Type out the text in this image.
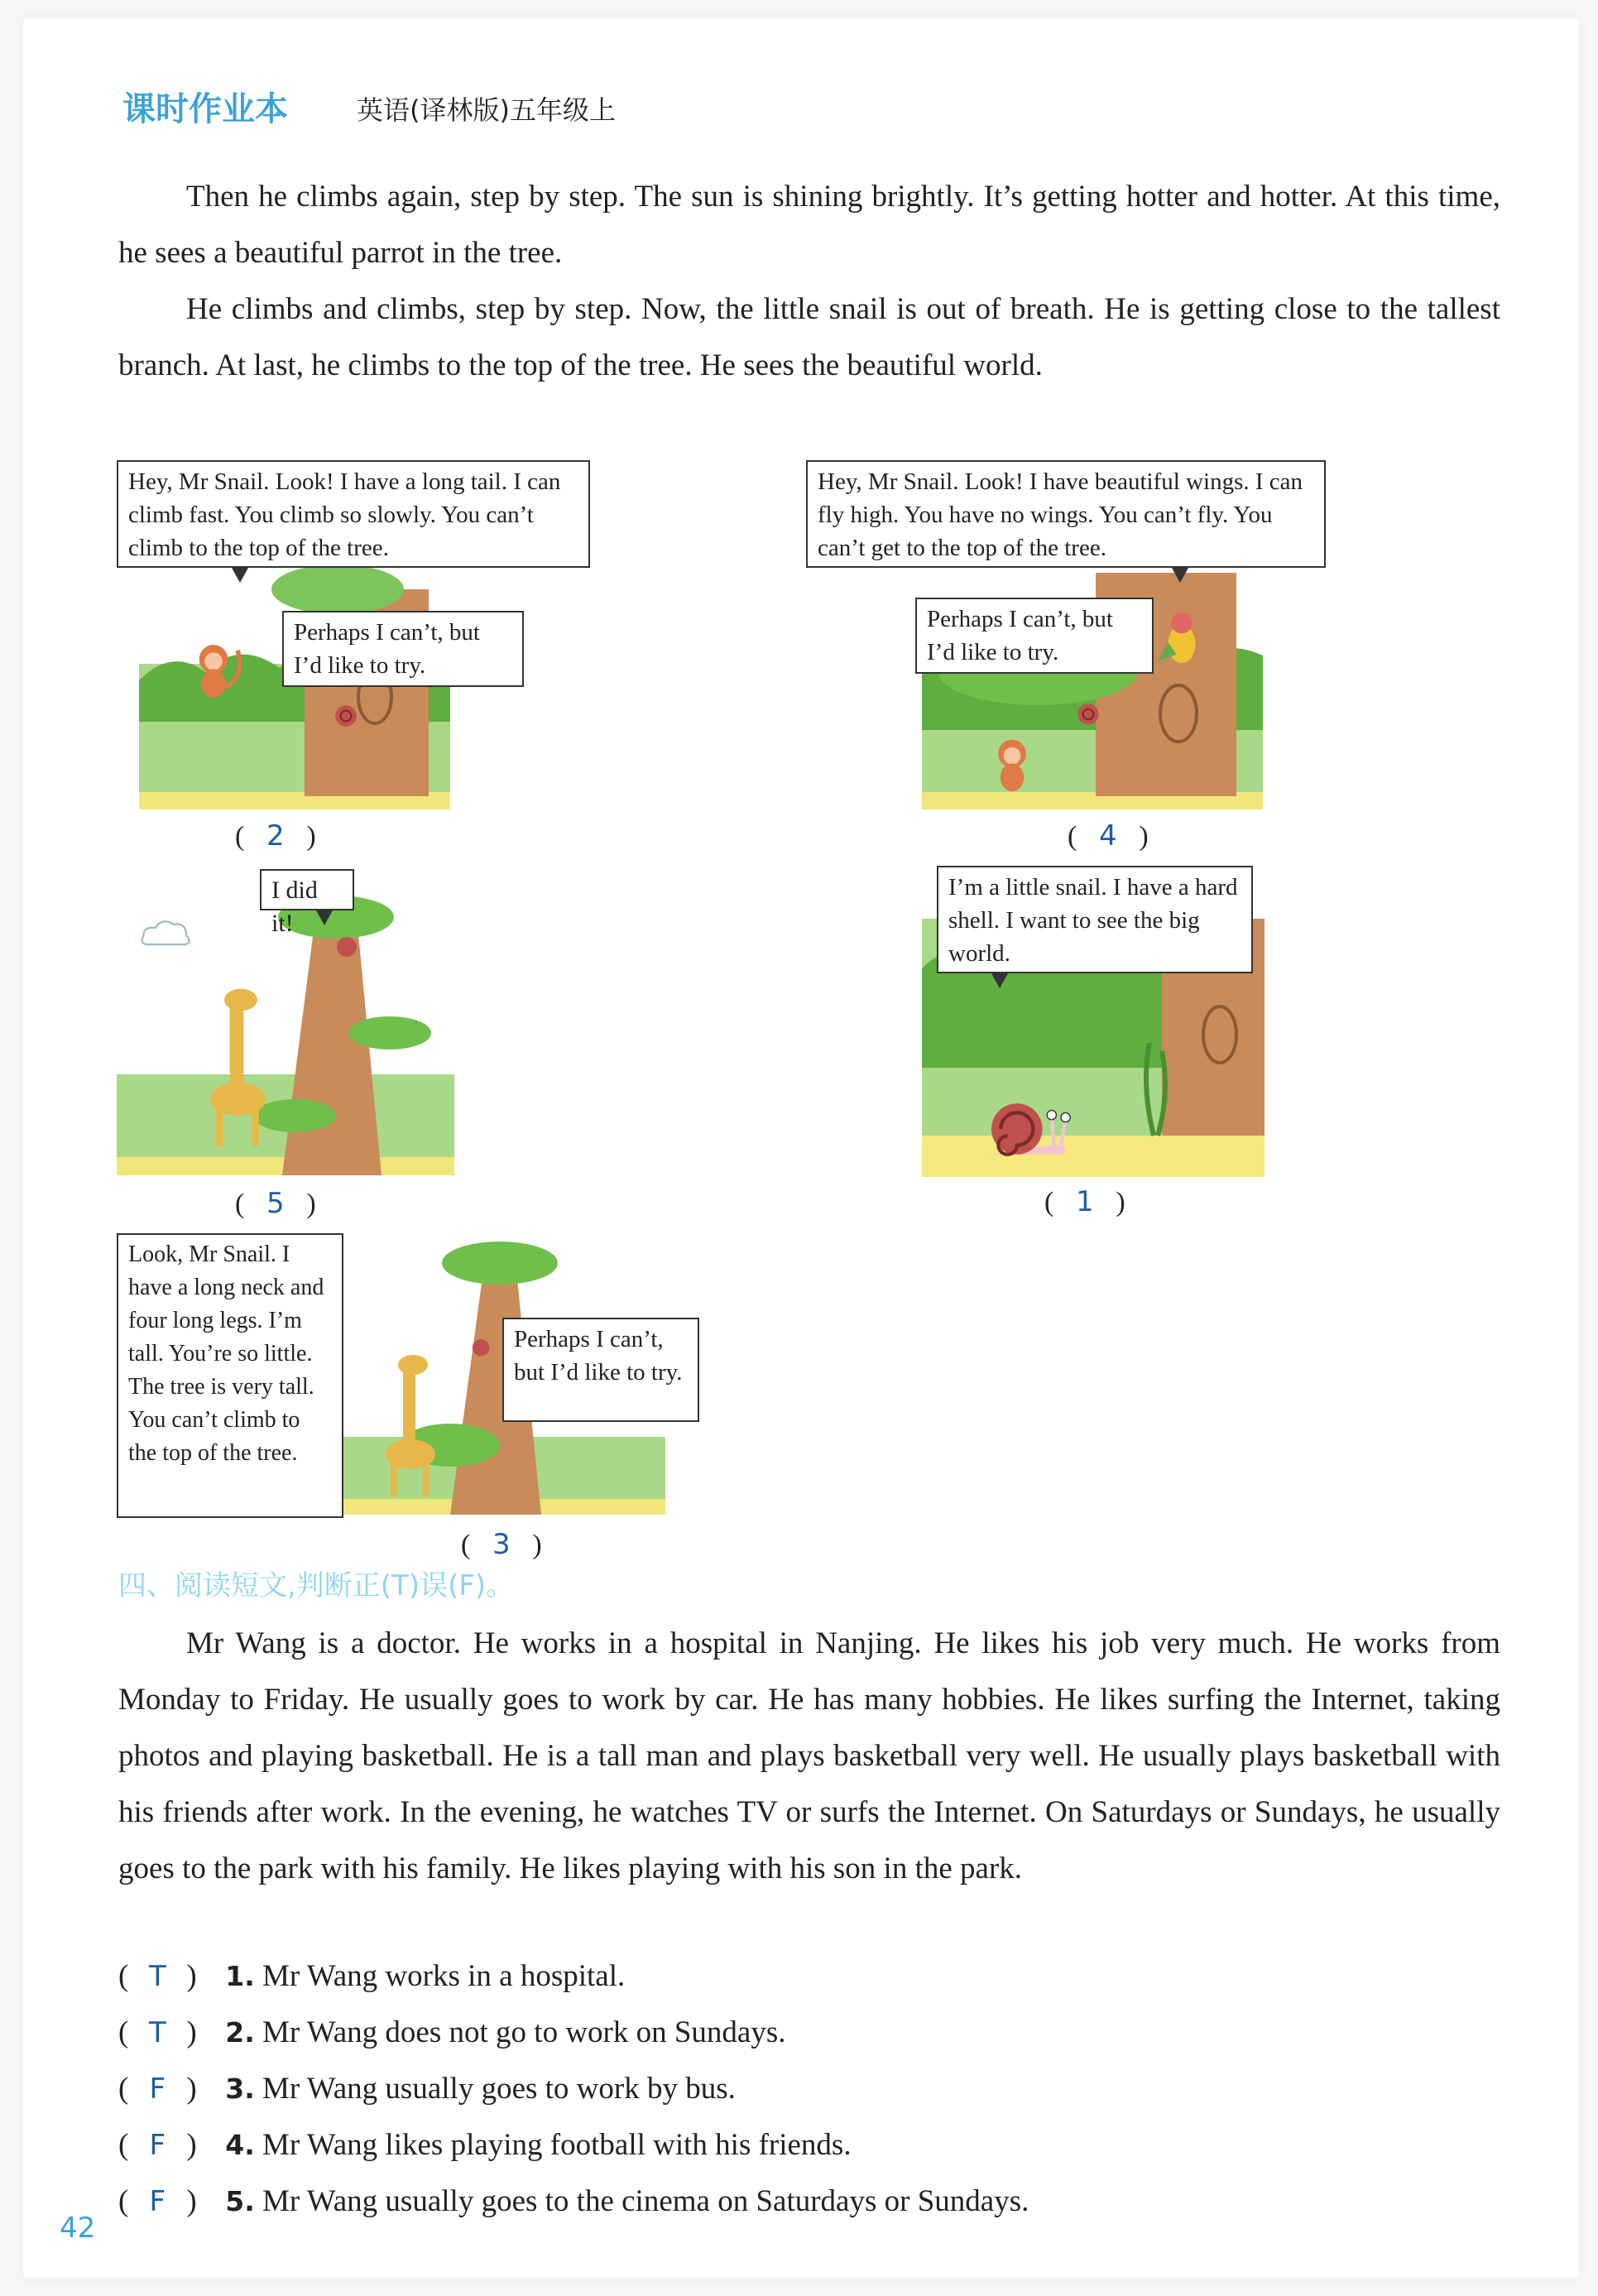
课时作业本	英语(译林版)五年级上

Then he climbs again, step by step. The sun is shining brightly. It’s getting hotter and hotter. At this time, he sees a beautiful parrot in the tree.

He climbs and climbs, step by step. Now, the little snail is out of breath. He is getting close to the tallest branch. At last, he climbs to the top of the tree. He sees the beautiful world.

Hey, Mr Snail. Look! I have a long tail. I can climb fast. You climb so slowly. You can’t climb to the top of the tree.
Perhaps I can’t, but I’d like to try.
( 2 )
Hey, Mr Snail. Look! I have beautiful wings. I can fly high. You have no wings. You can’t fly. You can’t get to the top of the tree.
Perhaps I can’t, but I’d like to try.
( 4 )
I did it!
( 5 )
I’m a little snail. I have a hard shell. I want to see the big world.
( 1 )
Look, Mr Snail. I have a long neck and four long legs. I’m tall. You’re so little. The tree is very tall. You can’t climb to the top of the tree.
Perhaps I can’t, but I’d like to try.
( 3 )
四、阅读短文,判断正(T)误(F)。

Mr Wang is a doctor. He works in a hospital in Nanjing. He likes his job very much. He works from Monday to Friday. He usually goes to work by car. He has many hobbies. He likes surfing the Internet, taking photos and playing basketball. He is a tall man and plays basketball very well. He usually plays basketball with his friends after work. In the evening, he watches TV or surfs the Internet. On Saturdays or Sundays, he usually goes to the park with his family. He likes playing with his son in the park.

( T ) 1. Mr Wang works in a hospital.
( T ) 2. Mr Wang does not go to work on Sundays.
( F ) 3. Mr Wang usually goes to work by bus.
( F ) 4. Mr Wang likes playing football with his friends.
( F ) 5. Mr Wang usually goes to the cinema on Saturdays or Sundays.
42
